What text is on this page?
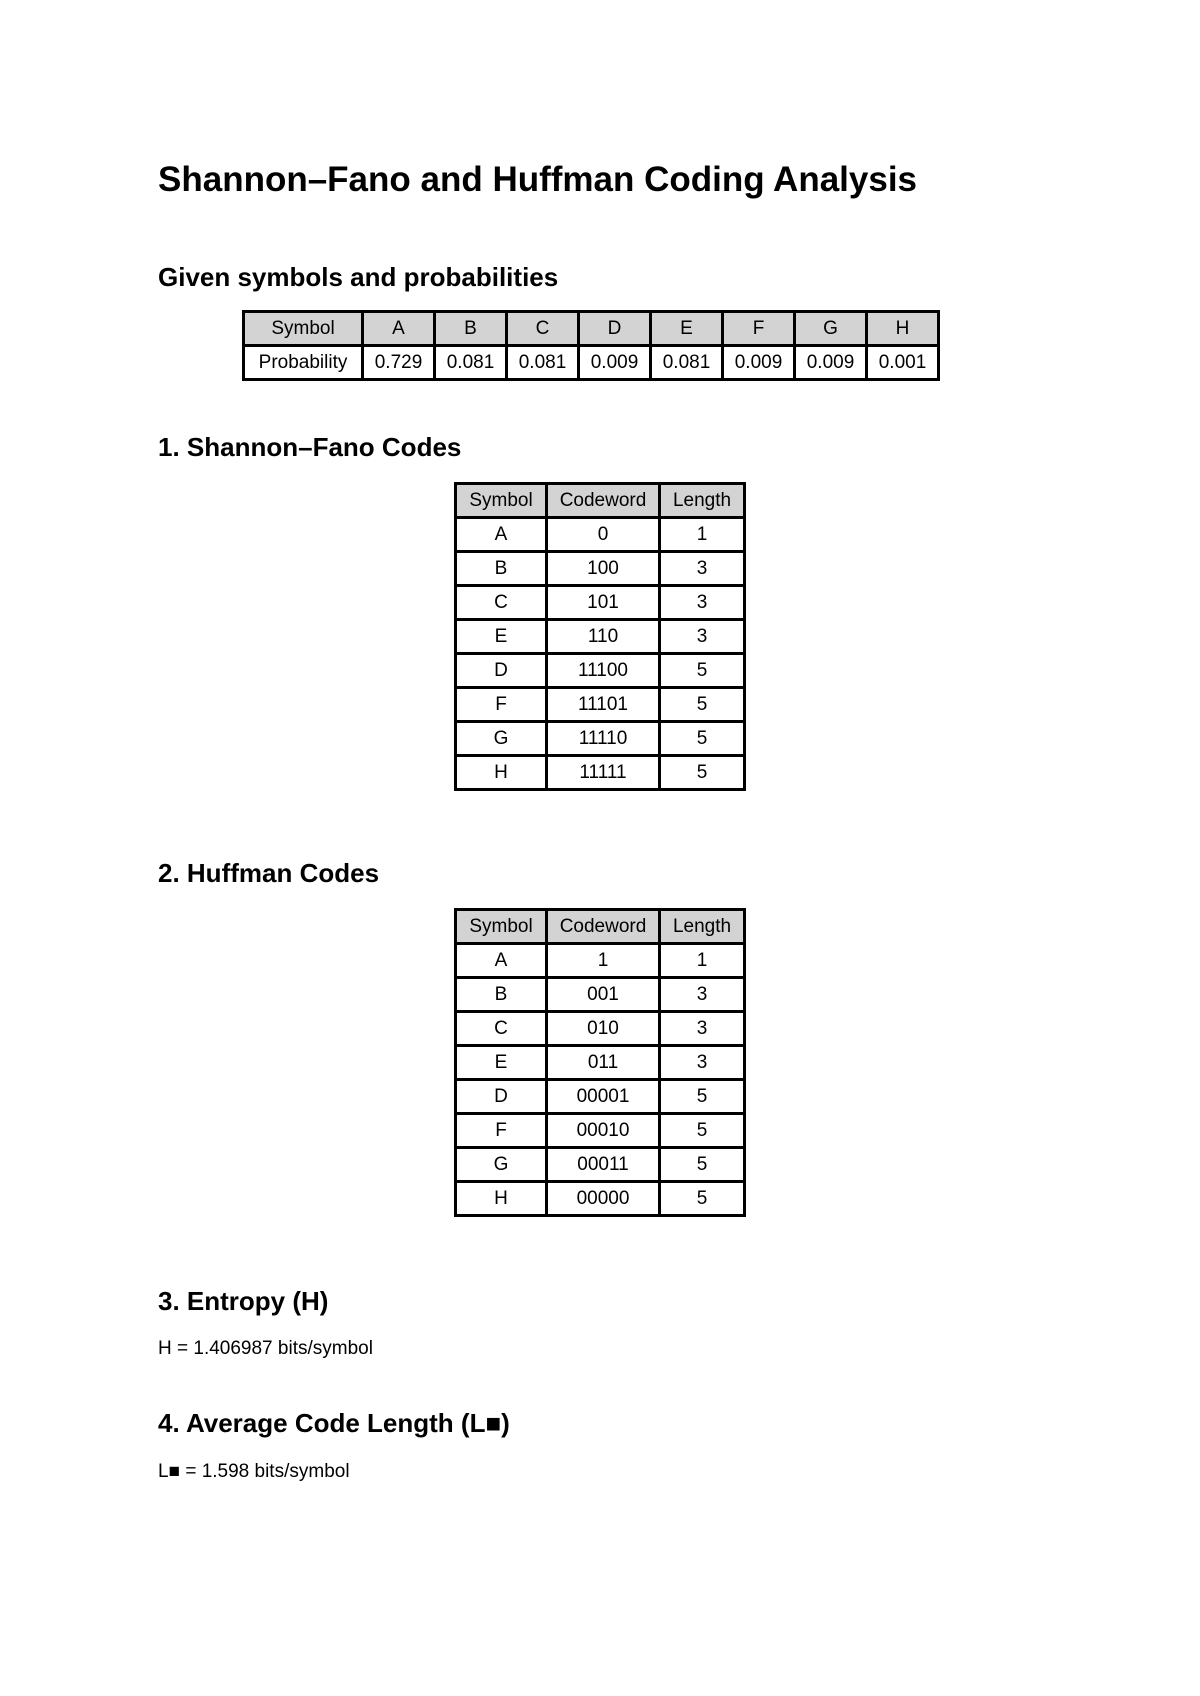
Shannon–Fano and Huffman Coding Analysis
Given symbols and probabilities
Symbol	A	B	C	D	E	F	G	H
Probability	0.729	0.081	0.081	0.009	0.081	0.009	0.009	0.001
1. Shannon–Fano Codes
Symbol	Codeword	Length
A	0	1
B	100	3
C	101	3
E	110	3
D	11100	5
F	11101	5
G	11110	5
H	11111	5
2. Huffman Codes
Symbol	Codeword	Length
A	1	1
B	001	3
C	010	3
E	011	3
D	00001	5
F	00010	5
G	00011	5
H	00000	5
3. Entropy (H)

H = 1.406987 bits/symbol

4. Average Code Length (L■)

L■ = 1.598 bits/symbol
